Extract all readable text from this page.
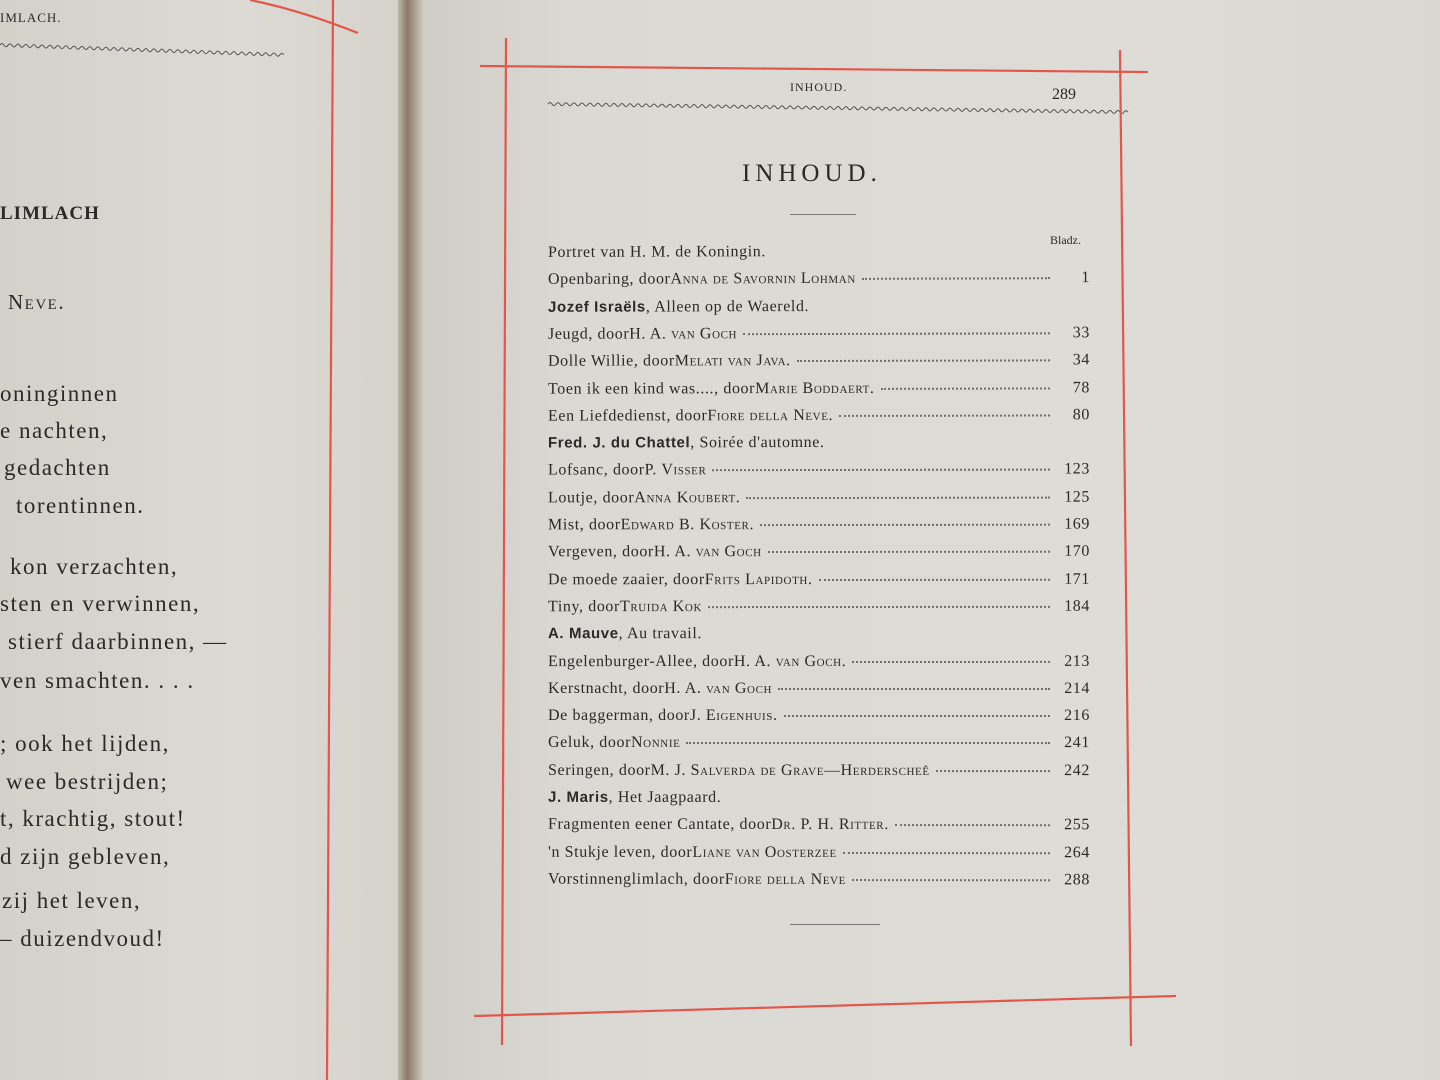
IMLACH.
LIMLACH
Neve.
oninginnen
e nachten,
gedachten
torentinnen.
kon verzachten,
sten en verwinnen,
stierf daarbinnen, —
ven smachten. . . .
; ook het lijden,
wee bestrijden;
t, krachtig, stout!
d zijn gebleven,
zij het leven,
– duizendvoud!
INHOUD.	289
INHOUD.
Bladz.
Portret van H. M. de Koningin.
Openbaring, door Anna de Savornin Lohman	1
Jozef Israëls , Alleen op de Waereld.
Jeugd, door H. A. van Goch	33
Dolle Willie, door Melati van Java.	34
Toen ik een kind was...., door Marie Boddaert.	78
Een Liefdedienst, door Fiore della Neve.	80
Fred. J. du Chattel , Soirée d'automne.
Lofsanc, door P. Visser	123
Loutje, door Anna Koubert.	125
Mist, door Edward B. Koster.	169
Vergeven, door H. A. van Goch	170
De moede zaaier, door Frits Lapidoth.	171
Tiny, door Truida Kok	184
A. Mauve , Au travail.
Engelenburger-Allee, door H. A. van Goch.	213
Kerstnacht, door H. A. van Goch	214
De baggerman, door J. Eigenhuis.	216
Geluk, door Nonnie	241
Seringen, door M. J. Salverda de Grave—Herderscheê	242
J. Maris , Het Jaagpaard.
Fragmenten eener Cantate, door Dr. P. H. Ritter.	255
'n Stukje leven, door Liane van Oosterzee	264
Vorstinnenglimlach, door Fiore della Neve	288
